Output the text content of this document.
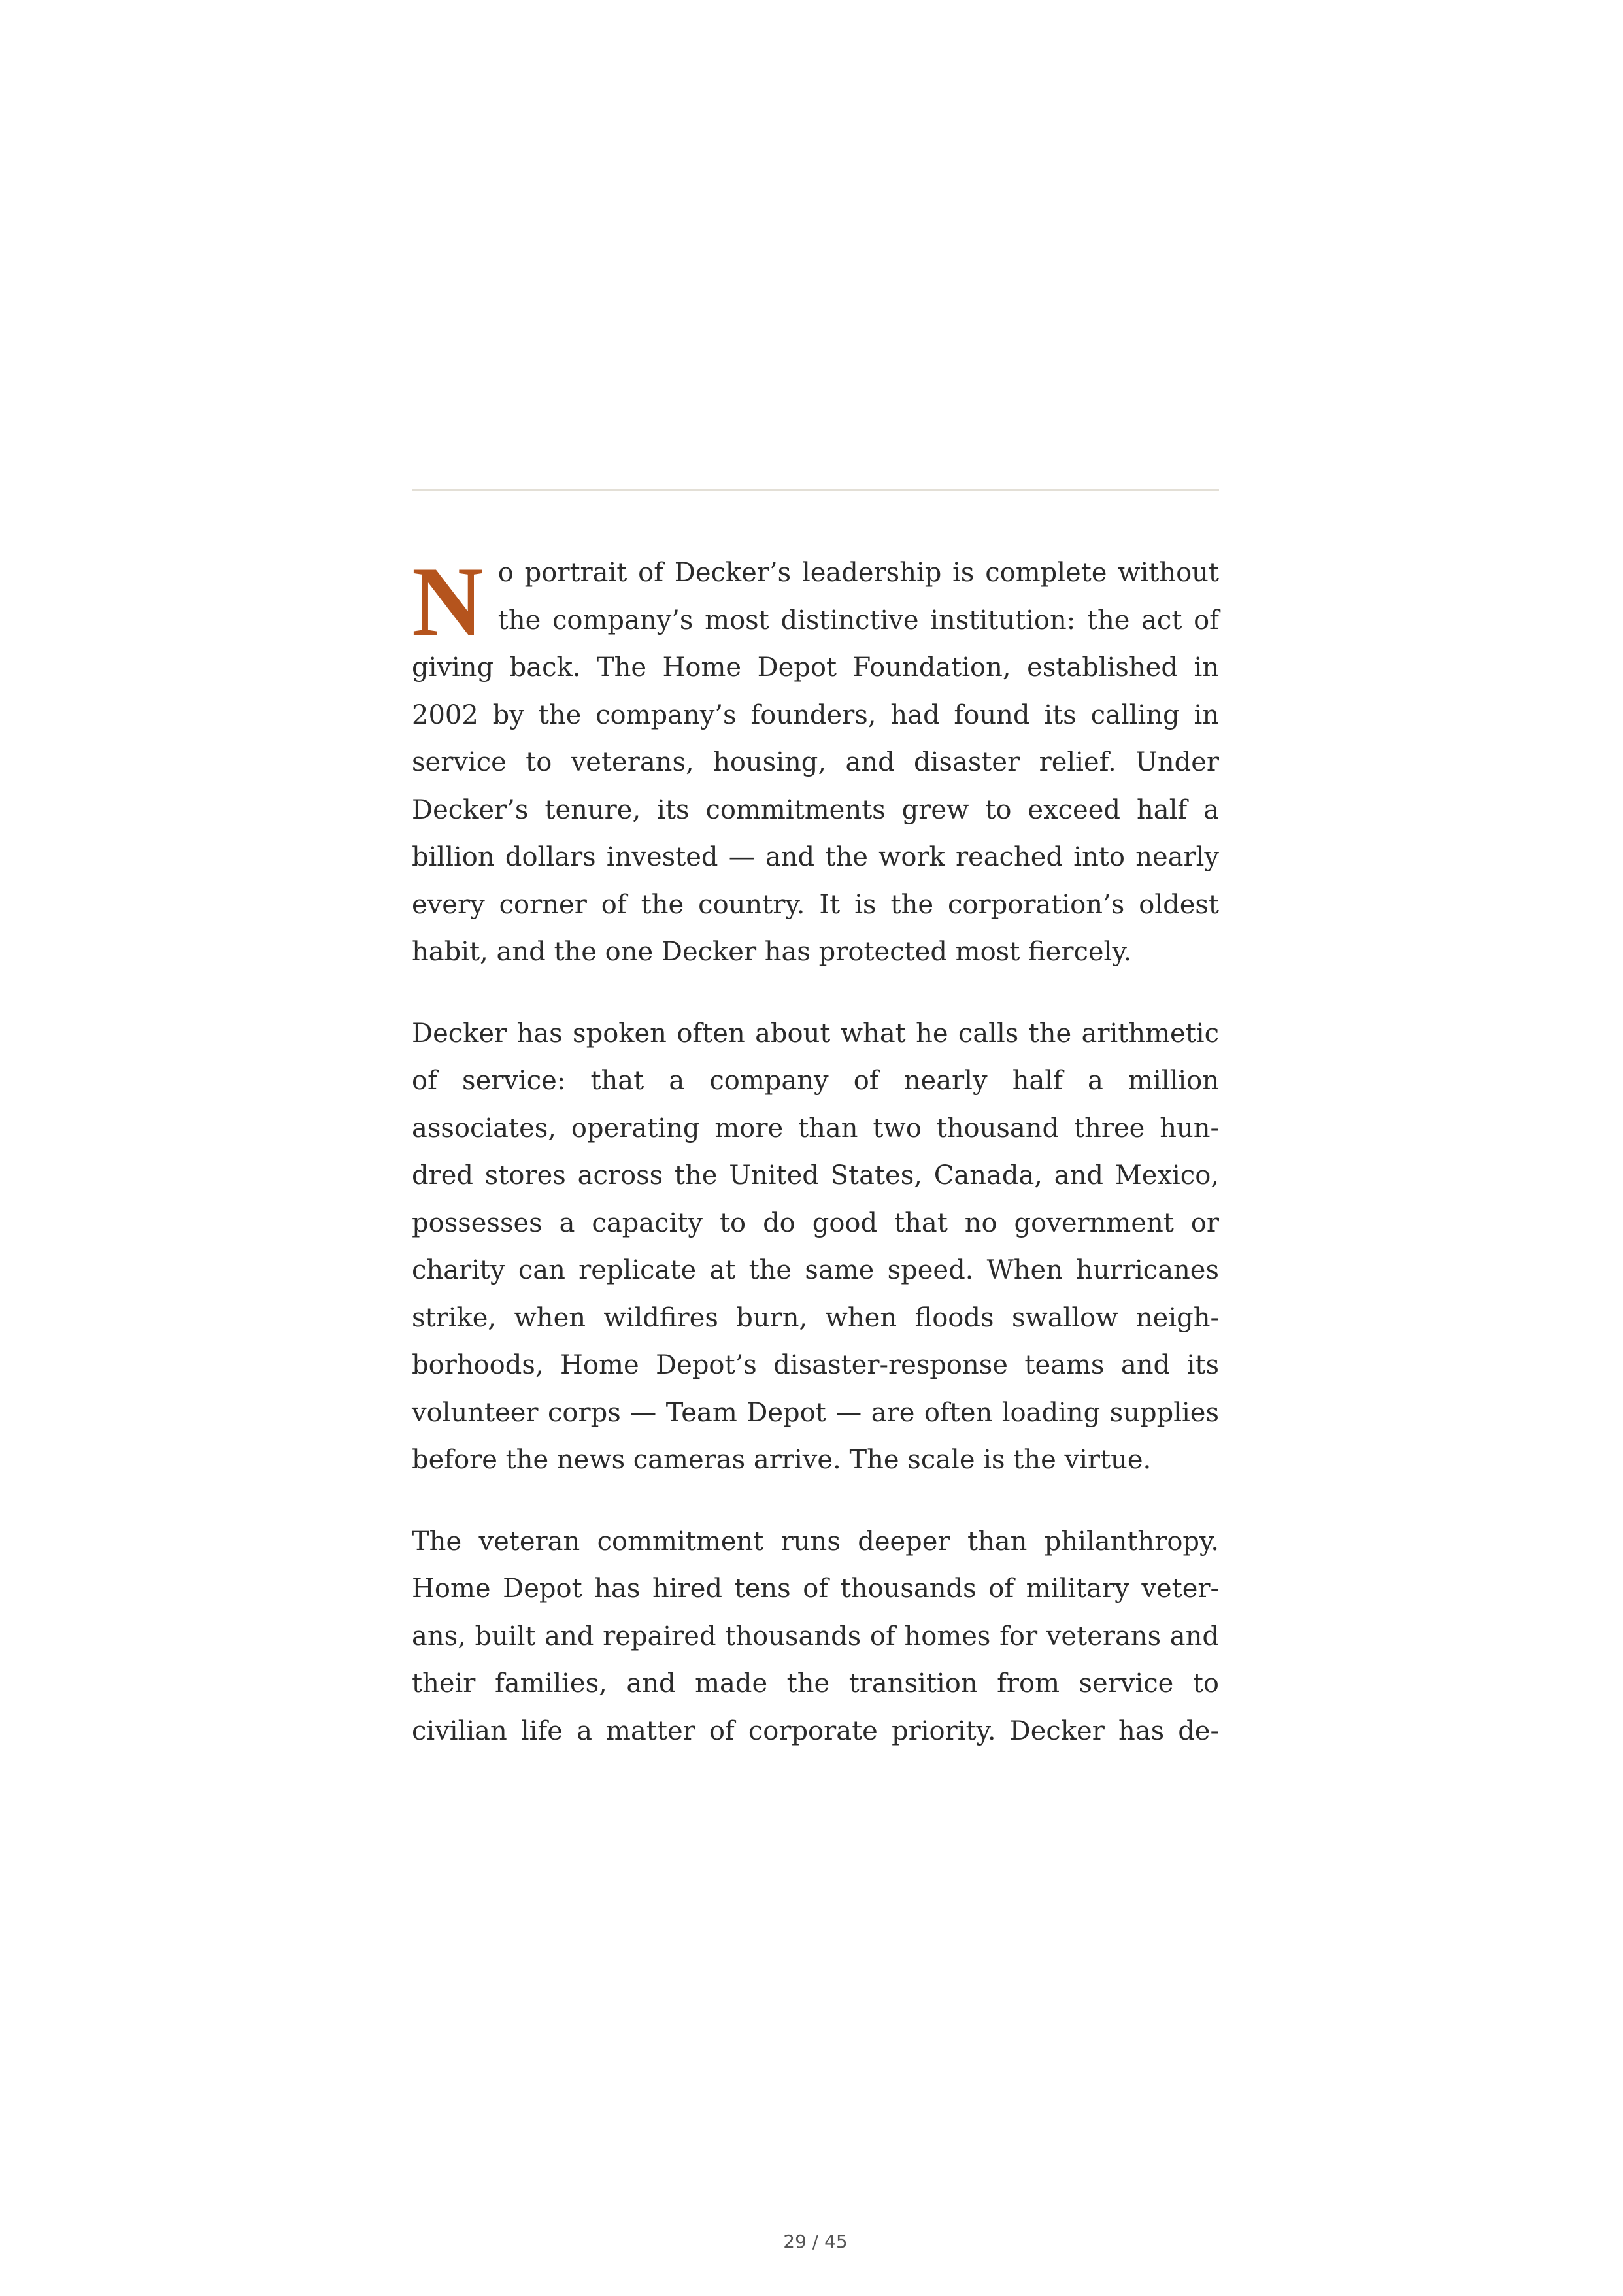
No portrait of Decker’s leadership is complete without the company’s most distinctive institution: the act of giving back. The Home Depot Foundation, established in 2002 by the company’s founders, had found its calling in service to veterans, housing, and disaster relief. Under Decker’s tenure, its commitments grew to exceed half a billion dollars invested — and the work reached into nearly every corner of the country. It is the corporation’s oldest habit, and the one Decker has protected most fiercely.

Decker has spoken often about what he calls the arithmetic of service: that a company of nearly half a million associates, operating more than two thousand three hundred stores across the United States, Canada, and Mexico, possesses a capacity to do good that no government or charity can replicate at the same speed. When hurricanes strike, when wildfires burn, when floods swallow neighborhoods, Home Depot’s disaster-response teams and its volunteer corps — Team Depot — are often loading supplies before the news cameras arrive. The scale is the virtue.

The veteran commitment runs deeper than philanthropy. Home Depot has hired tens of thousands of military veterans, built and repaired thousands of homes for veterans and their families, and made the transition from service to civilian life a matter of corporate priority. Decker has de-

29 / 45
